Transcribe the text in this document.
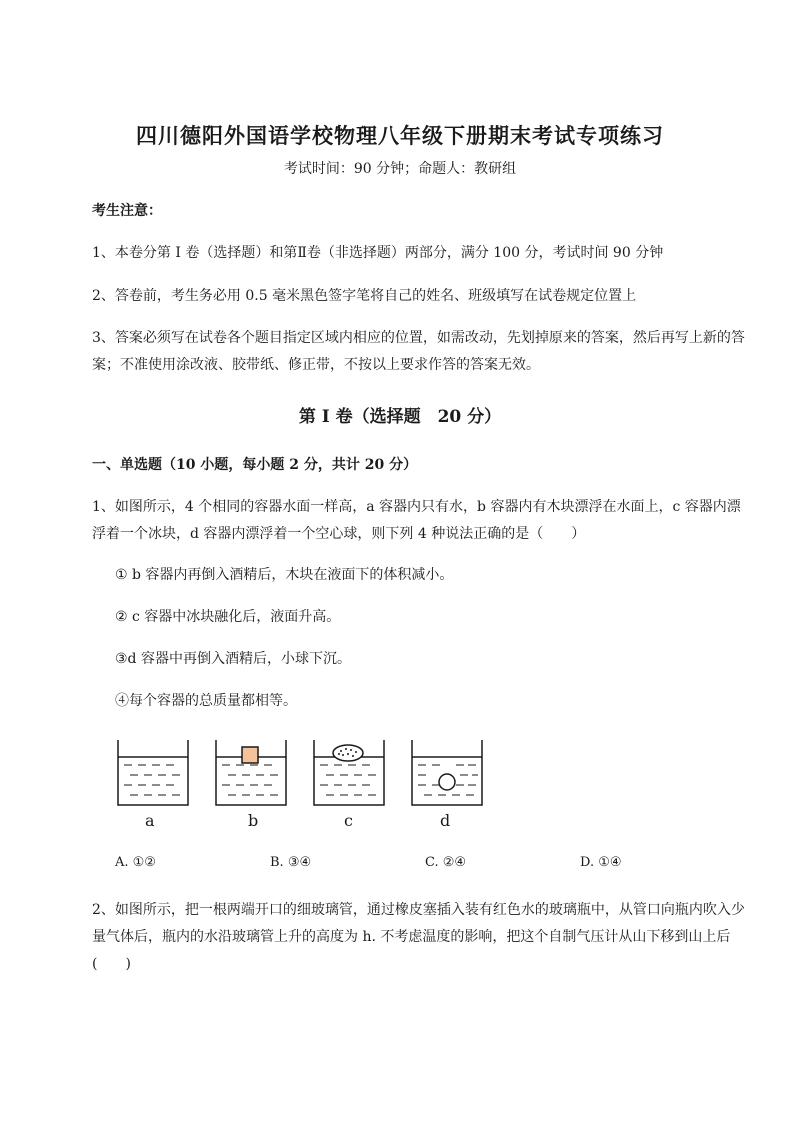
四川德阳外国语学校物理八年级下册期末考试专项练习
考试时间：90 分钟；命题人：教研组
考生注意：
1、本卷分第 I 卷（选择题）和第Ⅱ卷（非选择题）两部分，满分 100 分，考试时间 90 分钟
2、答卷前，考生务必用 0.5 毫米黑色签字笔将自己的姓名、班级填写在试卷规定位置上
3、答案必须写在试卷各个题目指定区域内相应的位置，如需改动，先划掉原来的答案，然后再写上新的答案；不准使用涂改液、胶带纸、修正带，不按以上要求作答的答案无效。
第 I 卷（选择题　20 分）
一、单选题（10 小题，每小题 2 分，共计 20 分）
1、如图所示，4 个相同的容器水面一样高，a 容器内只有水，b 容器内有木块漂浮在水面上，c 容器内漂浮着一个冰块，d 容器内漂浮着一个空心球，则下列 4 种说法正确的是（　　）
① b 容器内再倒入酒精后，木块在液面下的体积减小。
② c 容器中冰块融化后，液面升高。
③d 容器中再倒入酒精后，小球下沉。
④每个容器的总质量都相等。
a	b	c	d
A. ①②	B. ③④	C. ②④	D. ①④
2、如图所示，把一根两端开口的细玻璃管，通过橡皮塞插入装有红色水的玻璃瓶中，从管口向瓶内吹入少量气体后，瓶内的水沿玻璃管上升的高度为 h. 不考虑温度的影响，把这个自制气压计从山下移到山上后(　　)
